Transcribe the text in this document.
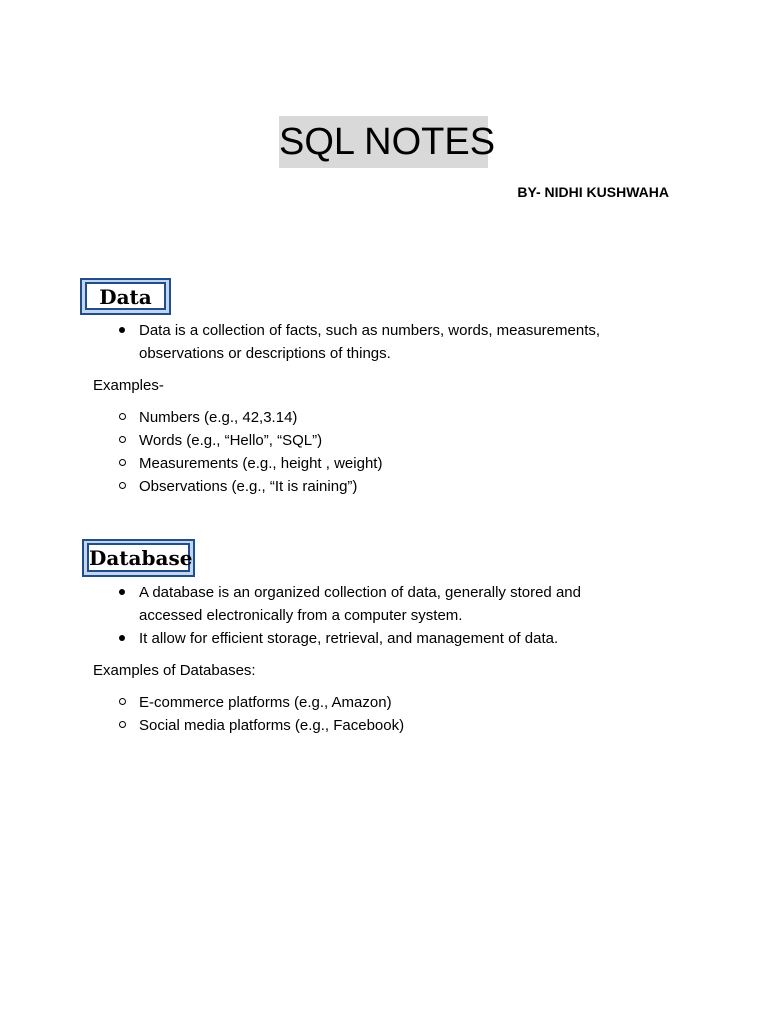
SQL NOTES
BY- NIDHI KUSHWAHA
Data
Data is a collection of facts, such as numbers, words, measurements,
observations or descriptions of things.
Examples-
Numbers (e.g., 42,3.14)
Words (e.g., “Hello”, “SQL”)
Measurements (e.g., height , weight)
Observations (e.g., “It is raining”)
Database
A database is an organized collection of data, generally stored and
accessed electronically from a computer system.
It allow for efficient storage, retrieval, and management of data.
Examples of Databases:
E-commerce platforms (e.g., Amazon)
Social media platforms (e.g., Facebook)
